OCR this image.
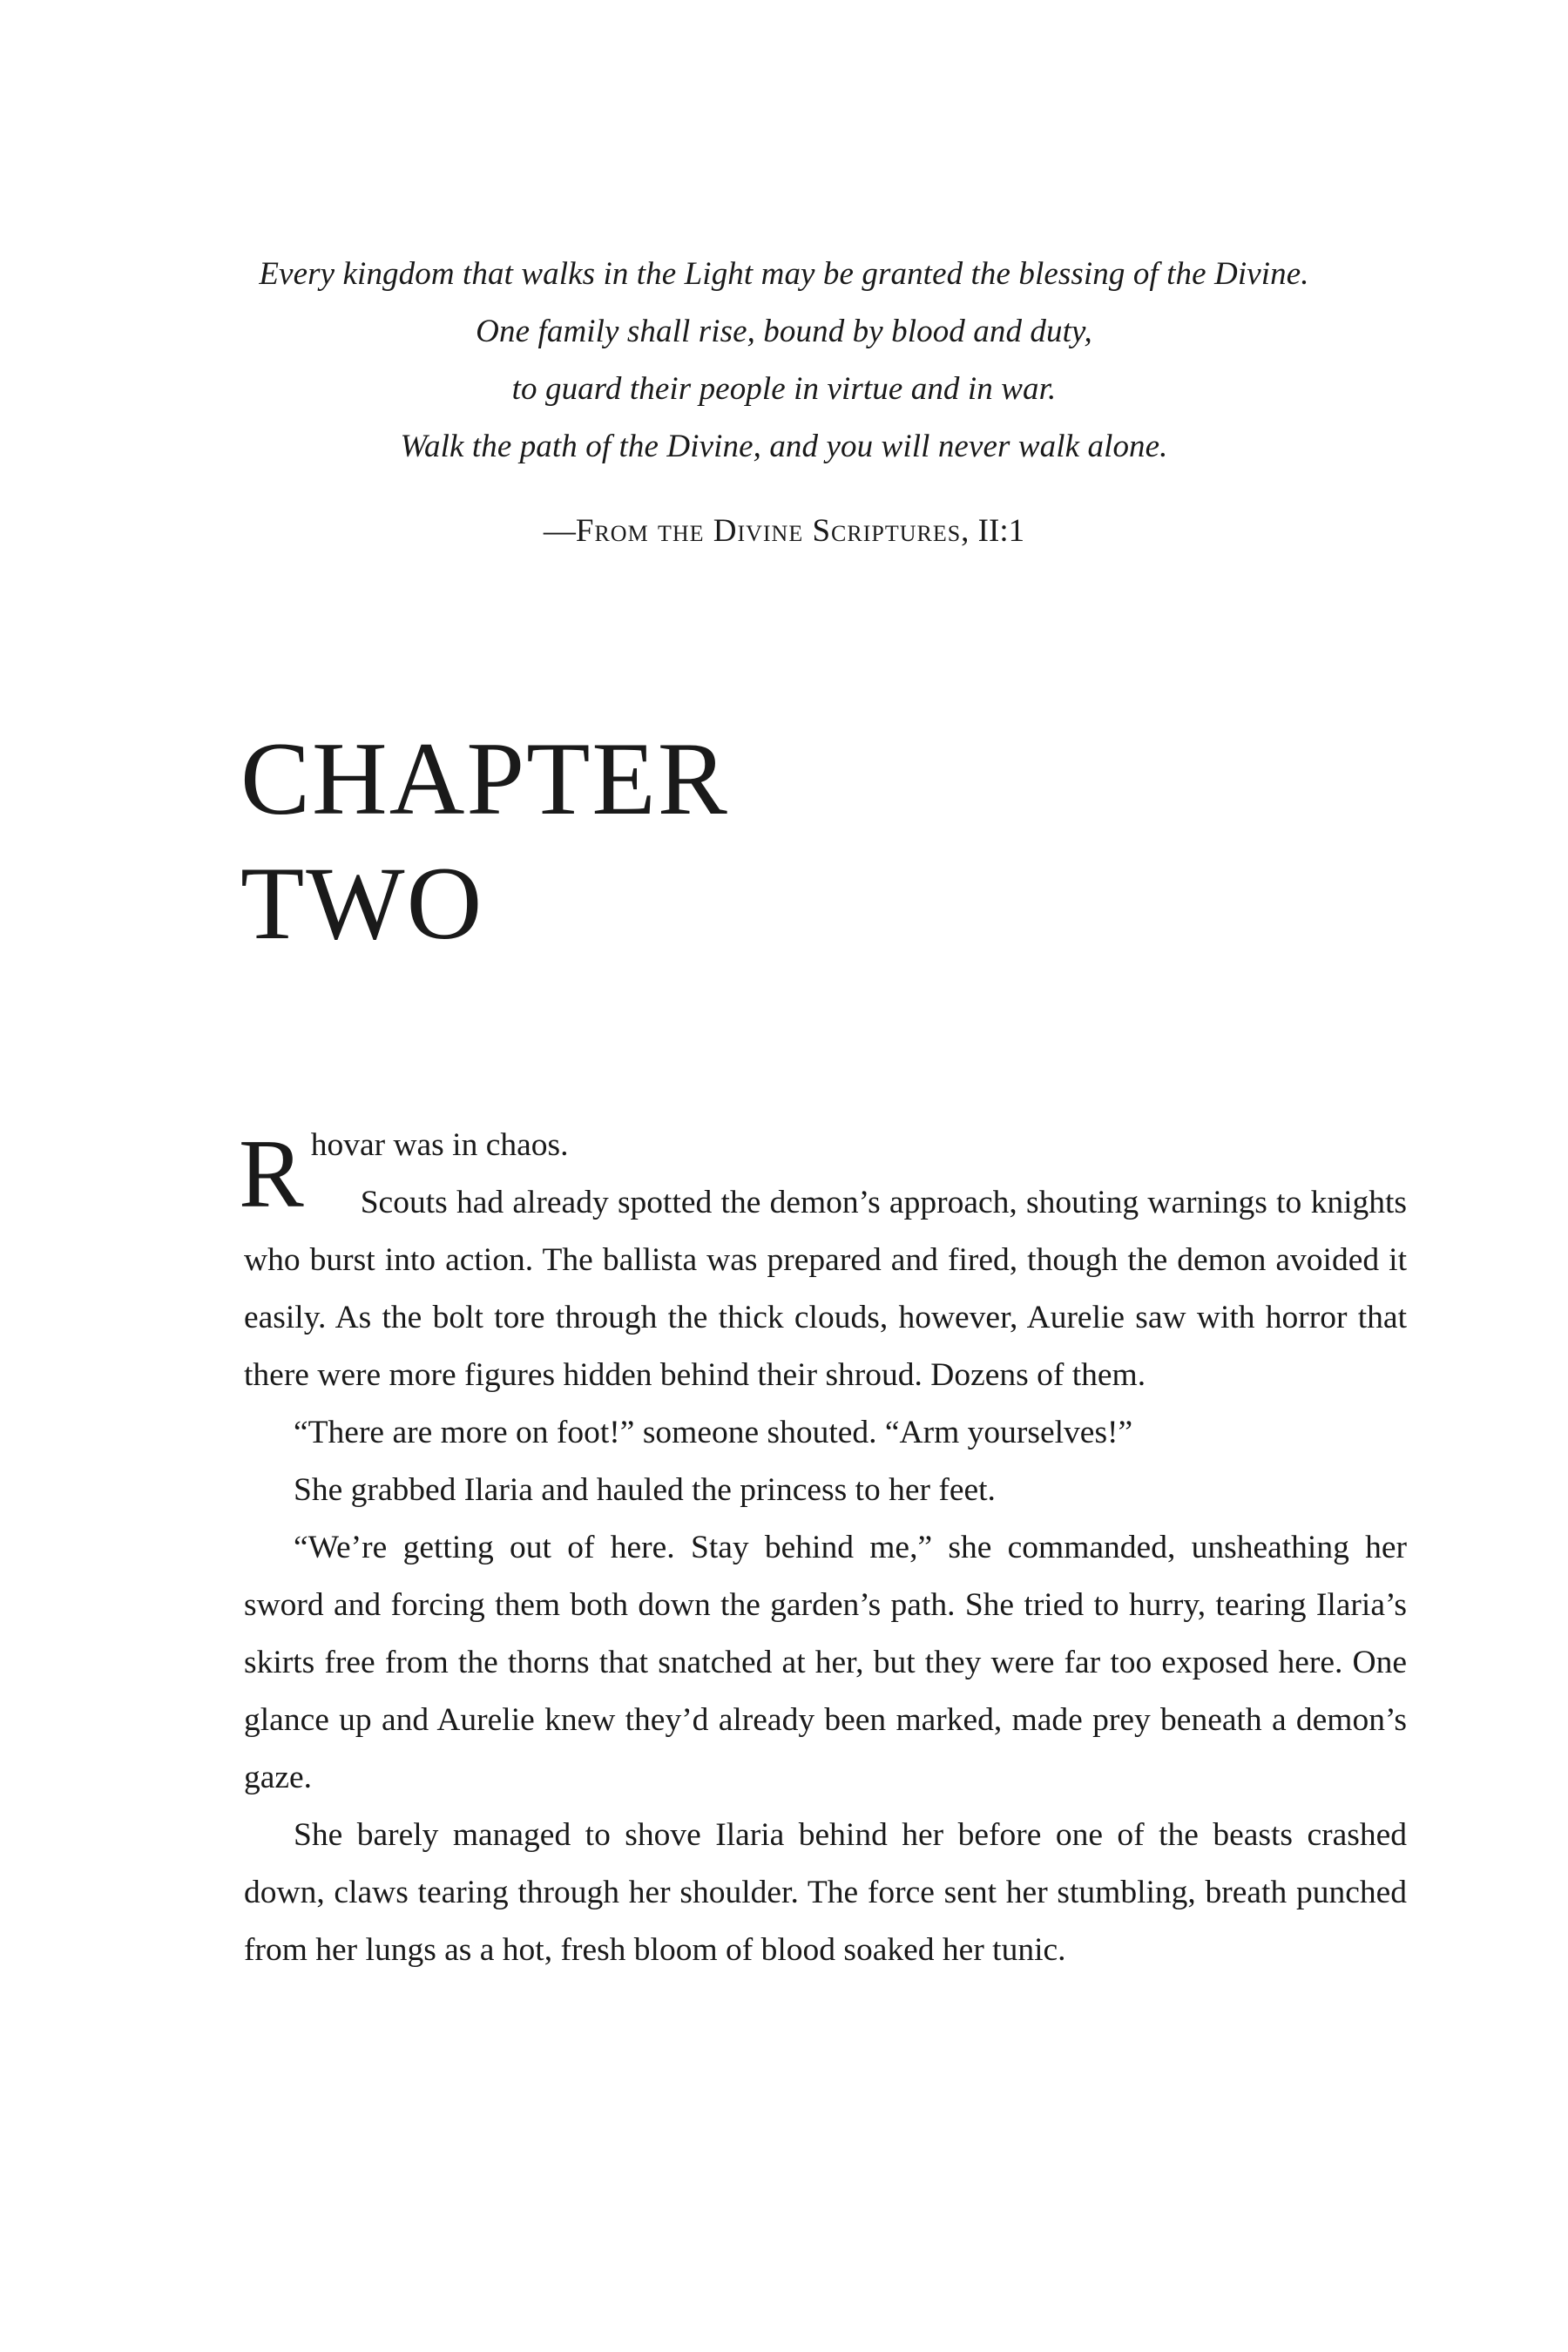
Every kingdom that walks in the Light may be granted the blessing of the Divine.
One family shall rise, bound by blood and duty,
to guard their people in virtue and in war.
Walk the path of the Divine, and you will never walk alone.
—From the Divine Scriptures, II:1
CHAPTER
TWO

Rhovar was in chaos.

Scouts had already spotted the demon’s approach, shouting warnings to knights who burst into action. The ballista was prepared and fired, though the demon avoided it easily. As the bolt tore through the thick clouds, however, Aurelie saw with horror that there were more figures hidden behind their shroud. Dozens of them.

“There are more on foot!” someone shouted. “Arm yourselves!”

She grabbed Ilaria and hauled the princess to her feet.

“We’re getting out of here. Stay behind me,” she commanded, unsheathing her sword and forcing them both down the garden’s path. She tried to hurry, tearing Ilaria’s skirts free from the thorns that snatched at her, but they were far too exposed here. One glance up and Aurelie knew they’d already been marked, made prey beneath a demon’s gaze.

She barely managed to shove Ilaria behind her before one of the beasts crashed down, claws tearing through her shoulder. The force sent her stumbling, breath punched from her lungs as a hot, fresh bloom of blood soaked her tunic.
